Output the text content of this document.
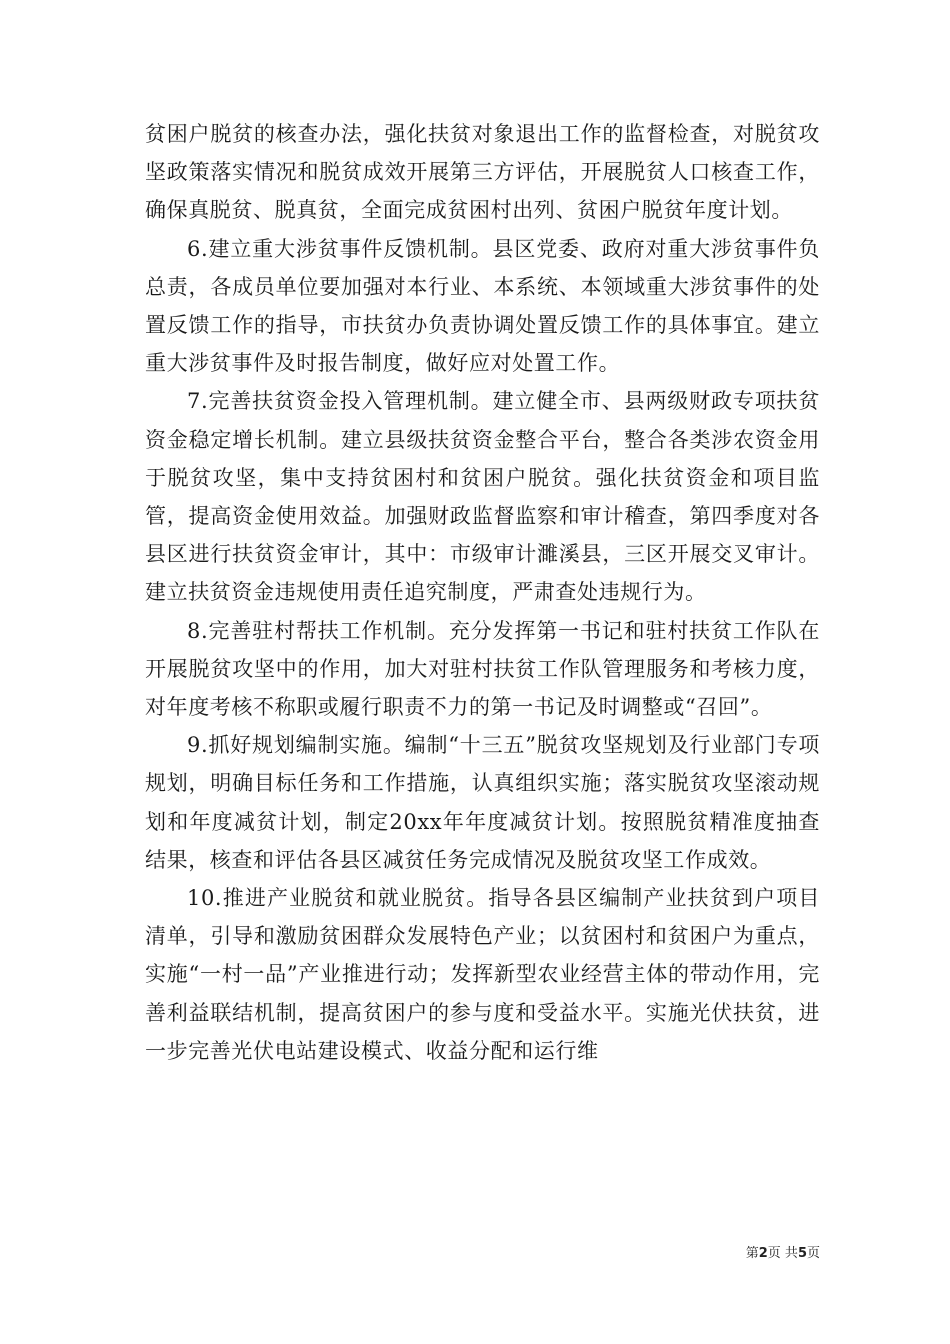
贫困户脱贫的核查办法，强化扶贫对象退出工作的监督检查，对脱贫攻坚政策落实情况和脱贫成效开展第三方评估，开展脱贫人口核查工作，确保真脱贫、脱真贫，全面完成贫困村出列、贫困户脱贫年度计划。

6.建立重大涉贫事件反馈机制。县区党委、政府对重大涉贫事件负总责，各成员单位要加强对本行业、本系统、本领域重大涉贫事件的处置反馈工作的指导，市扶贫办负责协调处置反馈工作的具体事宜。建立重大涉贫事件及时报告制度，做好应对处置工作。

7.完善扶贫资金投入管理机制。建立健全市、县两级财政专项扶贫资金稳定增长机制。建立县级扶贫资金整合平台，整合各类涉农资金用于脱贫攻坚，集中支持贫困村和贫困户脱贫。强化扶贫资金和项目监管，提高资金使用效益。加强财政监督监察和审计稽查，第四季度对各县区进行扶贫资金审计，其中：市级审计濉溪县，三区开展交叉审计。建立扶贫资金违规使用责任追究制度，严肃查处违规行为。

8.完善驻村帮扶工作机制。充分发挥第一书记和驻村扶贫工作队在开展脱贫攻坚中的作用，加大对驻村扶贫工作队管理服务和考核力度，对年度考核不称职或履行职责不力的第一书记及时调整或“召回”。

9.抓好规划编制实施。编制“十三五”脱贫攻坚规划及行业部门专项规划，明确目标任务和工作措施，认真组织实施；落实脱贫攻坚滚动规划和年度减贫计划，制定20xx年年度减贫计划。按照脱贫精准度抽查结果，核查和评估各县区减贫任务完成情况及脱贫攻坚工作成效。

10.推进产业脱贫和就业脱贫。指导各县区编制产业扶贫到户项目清单，引导和激励贫困群众发展特色产业；以贫困村和贫困户为重点，实施“一村一品”产业推进行动；发挥新型农业经营主体的带动作用，完善利益联结机制，提高贫困户的参与度和受益水平。实施光伏扶贫，进一步完善光伏电站建设模式、收益分配和运行维

第2页 共5页
